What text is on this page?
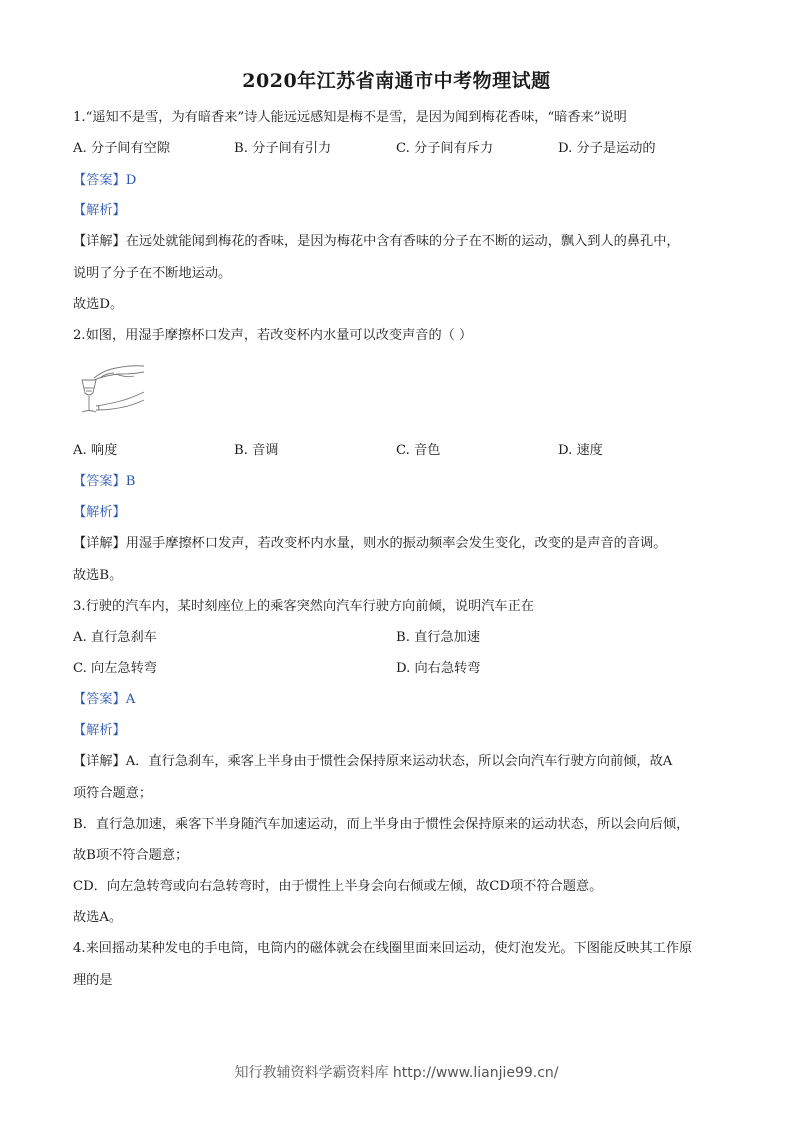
2020年江苏省南通市中考物理试题
1.“遥知不是雪，为有暗香来”诗人能远远感知是梅不是雪，是因为闻到梅花香味，“暗香来”说明
A. 分子间有空隙	B. 分子间有引力	C. 分子间有斥力	D. 分子是运动的
【答案】D
【解析】
【详解】在远处就能闻到梅花的香味，是因为梅花中含有香味的分子在不断的运动，飘入到人的鼻孔中，
说明了分子在不断地运动。
故选D。
2.如图，用湿手摩擦杯口发声，若改变杯内水量可以改变声音的（ ）
A. 响度	B. 音调	C. 音色	D. 速度
【答案】B
【解析】
【详解】用湿手摩擦杯口发声，若改变杯内水量，则水的振动频率会发生变化，改变的是声音的音调。
故选B。
3.行驶的汽车内，某时刻座位上的乘客突然向汽车行驶方向前倾，说明汽车正在
A. 直行急刹车	B. 直行急加速
C. 向左急转弯	D. 向右急转弯
【答案】A
【解析】
【详解】A．直行急刹车，乘客上半身由于惯性会保持原来运动状态，所以会向汽车行驶方向前倾，故A
项符合题意；
B．直行急加速，乘客下半身随汽车加速运动，而上半身由于惯性会保持原来的运动状态，所以会向后倾，
故B项不符合题意；
CD．向左急转弯或向右急转弯时，由于惯性上半身会向右倾或左倾，故CD项不符合题意。
故选A。
4.来回摇动某种发电的手电筒，电筒内的磁体就会在线圈里面来回运动，使灯泡发光。下图能反映其工作原
理的是
知行教辅资料学霸资料库 http://www.lianjie99.cn/
